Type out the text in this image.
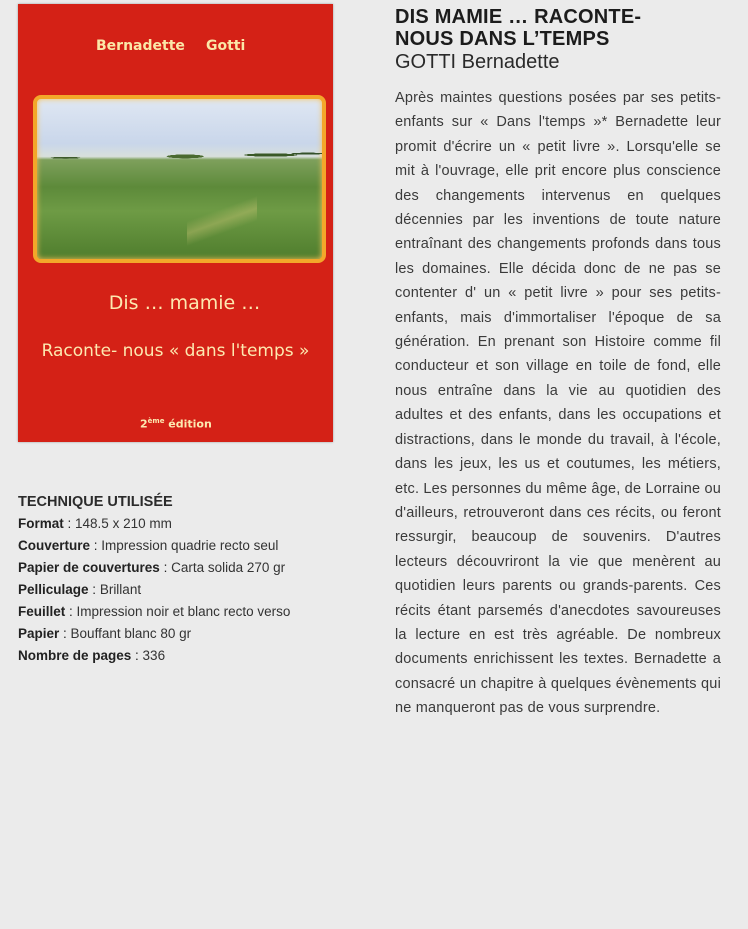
Bernadette Gotti
Dis … mamie …
Raconte- nous « dans l'temps »
2ème édition
TECHNIQUE UTILISÉE
Format : 148.5 x 210 mm
Couverture : Impression quadrie recto seul
Papier de couvertures : Carta solida 270 gr
Pelliculage : Brillant
Feuillet : Impression noir et blanc recto verso
Papier : Bouffant blanc 80 gr
Nombre de pages : 336
DIS MAMIE … RACONTE-
NOUS DANS L’TEMPS
GOTTI Bernadette
Après maintes questions posées par ses petits-enfants sur « Dans l'temps »* Bernadette leur promit d'écrire un « petit livre ». Lorsqu'elle se mit à l'ouvrage, elle prit encore plus conscience des changements intervenus en quelques décennies par les inventions de toute nature entraînant des changements profonds dans tous les domaines. Elle décida donc de ne pas se contenter d' un « petit livre » pour ses petits-enfants, mais d'immortaliser l'époque de sa génération. En prenant son Histoire comme fil conducteur et son village en toile de fond, elle nous entraîne dans la vie au quotidien des adultes et des enfants, dans les occupations et distractions, dans le monde du travail, à l'école, dans les jeux, les us et coutumes, les métiers, etc. Les personnes du même âge, de Lorraine ou d'ailleurs, retrouveront dans ces récits, ou feront ressurgir, beaucoup de souvenirs. D'autres lecteurs découvriront la vie que menèrent au quotidien leurs parents ou grands-parents. Ces récits étant parsemés d'anecdotes savoureuses la lecture en est très agréable. De nombreux documents enrichissent les textes. Bernadette a consacré un chapitre à quelques évènements qui ne manqueront pas de vous surprendre.
